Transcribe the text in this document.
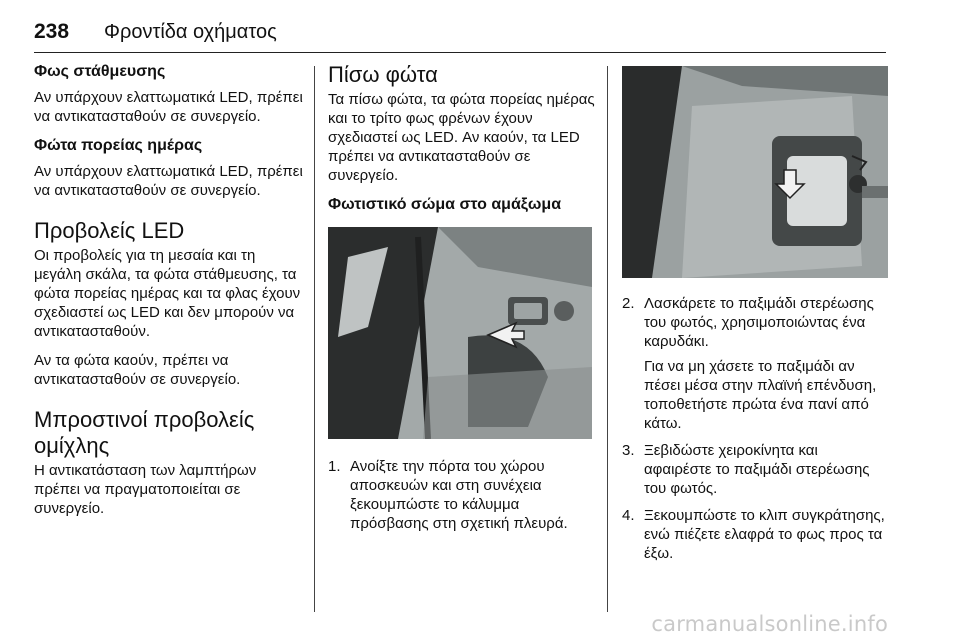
238 Φροντίδα οχήματος
Φως στάθμευσης

Αν υπάρχουν ελαττωματικά LED, πρέπει να αντικατασταθούν σε συνεργείο.

Φώτα πορείας ημέρας

Αν υπάρχουν ελαττωματικά LED, πρέπει να αντικατασταθούν σε συνεργείο.

Προβολείς LED

Οι προβολείς για τη μεσαία και τη μεγάλη σκάλα, τα φώτα στάθμευσης, τα φώτα πορείας ημέρας και τα φλας έχουν σχεδιαστεί ως LED και δεν μπορούν να αντικατασταθούν.

Αν τα φώτα καούν, πρέπει να αντικατασταθούν σε συνεργείο.

Μπροστινοί προβολείς ομίχλης

Η αντικατάσταση των λαμπτήρων πρέπει να πραγματοποιείται σε συνεργείο.

Πίσω φώτα

Τα πίσω φώτα, τα φώτα πορείας ημέρας και το τρίτο φως φρένων έχουν σχεδιαστεί ως LED. Αν καούν, τα LED πρέπει να αντικατασταθούν σε συνεργείο.

Φωτιστικό σώμα στο αμάξωμα
1. Ανοίξτε την πόρτα του χώρου αποσκευών και στη συνέχεια ξεκουμπώστε το κάλυμμα πρόσβασης στη σχετική πλευρά.
2. Λασκάρετε το παξιμάδι στερέωσης του φωτός, χρησιμοποιώντας ένα καρυδάκι.

Για να μη χάσετε το παξιμάδι αν πέσει μέσα στην πλαϊνή επένδυση, τοποθετήστε πρώτα ένα πανί από κάτω.

3. Ξεβιδώστε χειροκίνητα και αφαιρέστε το παξιμάδι στερέωσης του φωτός.

4. Ξεκουμπώστε το κλιπ συγκράτησης, ενώ πιέζετε ελαφρά το φως προς τα έξω.

carmanualsonline.info
